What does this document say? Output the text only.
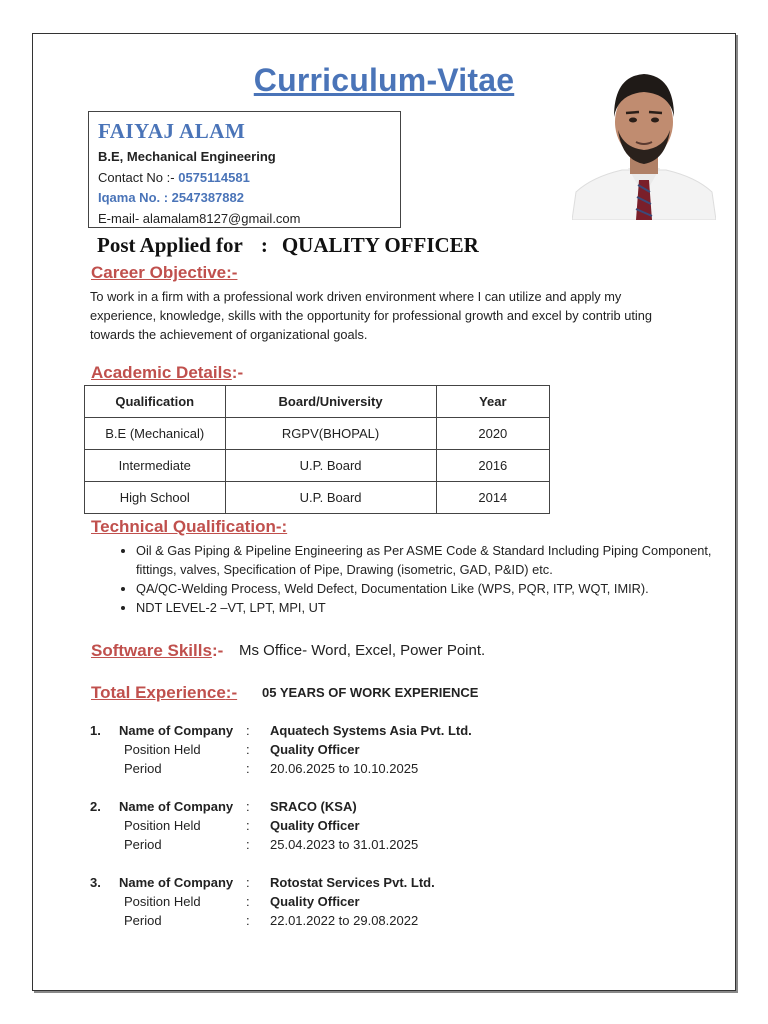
Curriculum-Vitae
FAIYAJ ALAM
B.E, Mechanical Engineering
Contact No :- 0575114581
Iqama No. : 2547387882
E-mail- alamalam8127@gmail.com
Post Applied for : QUALITY OFFICER
Career Objective:-
To work in a firm with a professional work driven environment where I can utilize and apply my experience, knowledge, skills with the opportunity for professional growth and excel by contrib uting towards the achievement of organizational goals.
Academic Details:-
Qualification	Board/University	Year
B.E (Mechanical)	RGPV(BHOPAL)	2020
Intermediate	U.P. Board	2016
High School	U.P. Board	2014
Technical Qualification-:
• Oil & Gas Piping & Pipeline Engineering as Per ASME Code & Standard Including Piping Component, fittings, valves, Specification of Pipe, Drawing (isometric, GAD, P&ID) etc.
• QA/QC-Welding Process, Weld Defect, Documentation Like (WPS, PQR, ITP, WQT, IMIR).
• NDT LEVEL-2 –VT, LPT, MPI, UT
Software Skills:- Ms Office- Word, Excel, Power Point.
Total Experience:- 05 YEARS OF WORK EXPERIENCE
1. Name of Company : Aquatech Systems Asia Pvt. Ltd.
Position Held	: Quality Officer
Period	: 20.06.2025 to 10.10.2025
2. Name of Company : SRACO (KSA)
Position Held	: Quality Officer
Period	: 25.04.2023 to 31.01.2025
3. Name of Company : Rotostat Services Pvt. Ltd.
Position Held	: Quality Officer
Period	: 22.01.2022 to 29.08.2022
